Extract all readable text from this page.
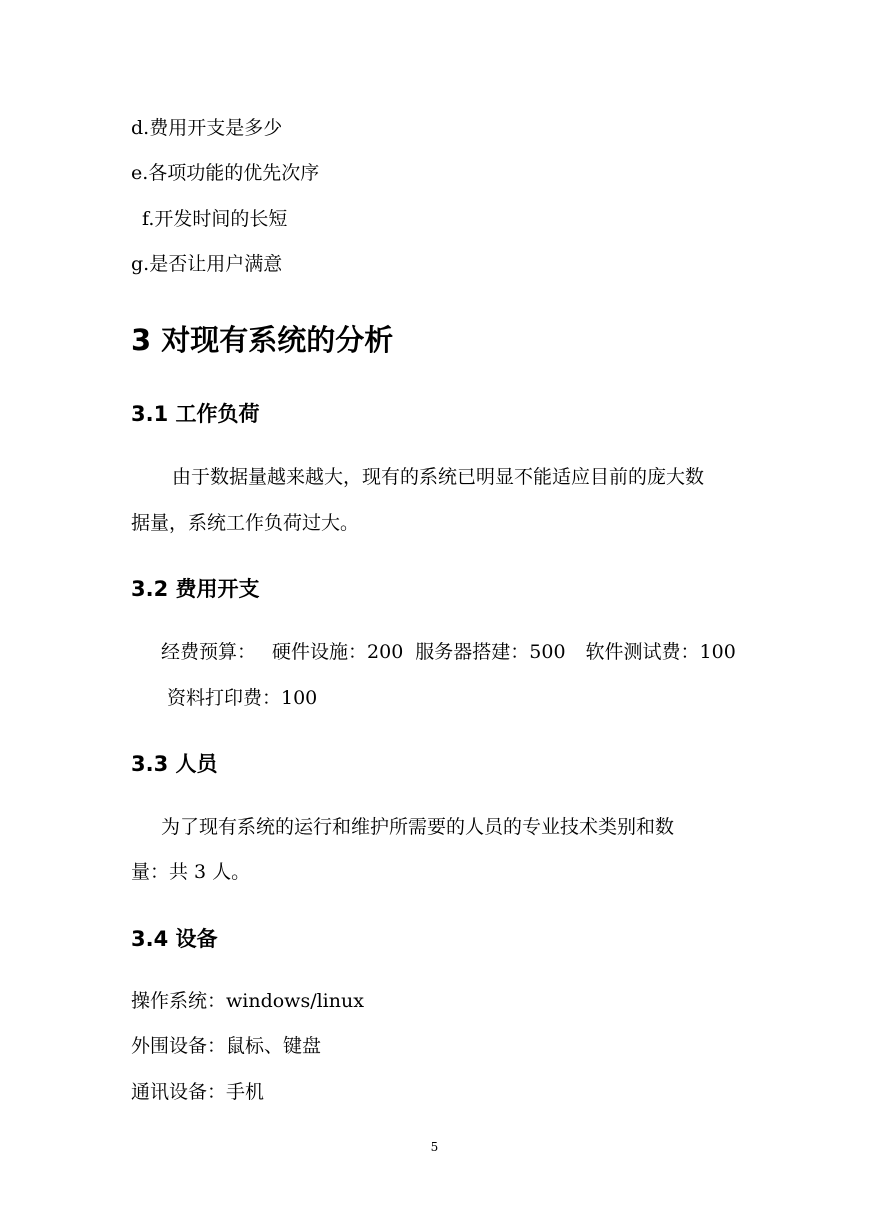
d.费用开支是多少

e.各项功能的优先次序

f.开发时间的长短

g.是否让用户满意

3 对现有系统的分析
3.1 工作负荷

由于数据量越来越大，现有的系统已明显不能适应目前的庞大数

据量，系统工作负荷过大。

3.2 费用开支

经费预算： 硬件设施：200 服务器搭建：500 软件测试费：100

资料打印费：100

3.3 人员

为了现有系统的运行和维护所需要的人员的专业技术类别和数

量：共 3 人。

3.4 设备

操作系统：windows/linux

外围设备：鼠标、键盘

通讯设备：手机

5
